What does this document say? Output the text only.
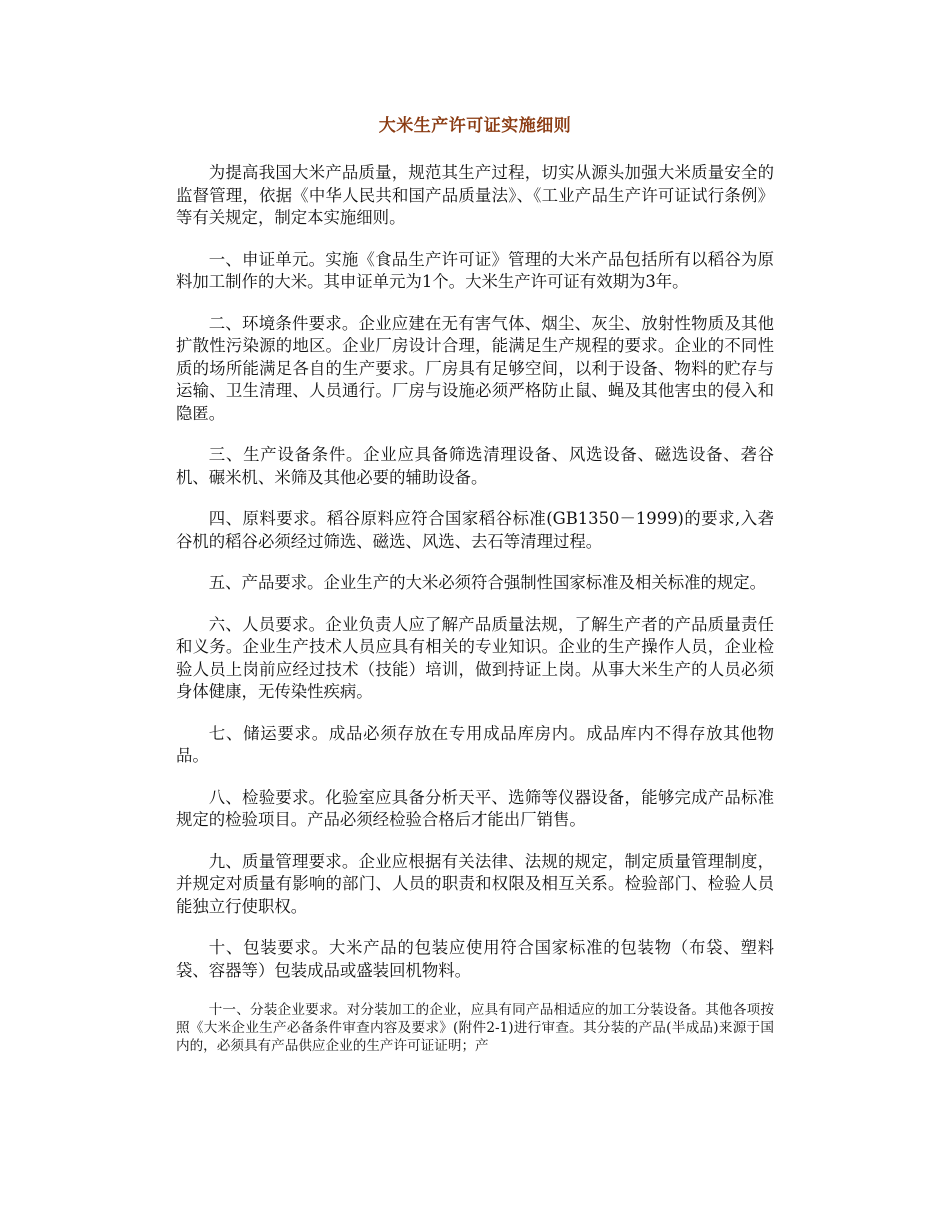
大米生产许可证实施细则

为提高我国大米产品质量，规范其生产过程，切实从源头加强大米质量安全的监督管理，依据《中华人民共和国产品质量法》、《工业产品生产许可证试行条例》等有关规定，制定本实施细则。

一、申证单元。实施《食品生产许可证》管理的大米产品包括所有以稻谷为原料加工制作的大米。其申证单元为1个。大米生产许可证有效期为3年。

二、环境条件要求。企业应建在无有害气体、烟尘、灰尘、放射性物质及其他扩散性污染源的地区。企业厂房设计合理，能满足生产规程的要求。企业的不同性质的场所能满足各自的生产要求。厂房具有足够空间，以利于设备、物料的贮存与运输、卫生清理、人员通行。厂房与设施必须严格防止鼠、蝇及其他害虫的侵入和隐匿。

三、生产设备条件。企业应具备筛选清理设备、风选设备、磁选设备、砻谷机、碾米机、米筛及其他必要的辅助设备。

四、原料要求。稻谷原料应符合国家稻谷标准(GB1350－1999)的要求,入砻谷机的稻谷必须经过筛选、磁选、风选、去石等清理过程。

五、产品要求。企业生产的大米必须符合强制性国家标准及相关标准的规定。

六、人员要求。企业负责人应了解产品质量法规，了解生产者的产品质量责任和义务。企业生产技术人员应具有相关的专业知识。企业的生产操作人员，企业检验人员上岗前应经过技术（技能）培训，做到持证上岗。从事大米生产的人员必须身体健康，无传染性疾病。

七、储运要求。成品必须存放在专用成品库房内。成品库内不得存放其他物品。

八、检验要求。化验室应具备分析天平、选筛等仪器设备，能够完成产品标准规定的检验项目。产品必须经检验合格后才能出厂销售。

九、质量管理要求。企业应根据有关法律、法规的规定，制定质量管理制度，并规定对质量有影响的部门、人员的职责和权限及相互关系。检验部门、检验人员能独立行使职权。

十、包装要求。大米产品的包装应使用符合国家标准的包装物（布袋、塑料袋、容器等）包装成品或盛装回机物料。

十一、分装企业要求。对分装加工的企业，应具有同产品相适应的加工分装设备。其他各项按照《大米企业生产必备条件审查内容及要求》(附件2-1)进行审查。其分装的产品(半成品)来源于国内的，必须具有产品供应企业的生产许可证证明；产
